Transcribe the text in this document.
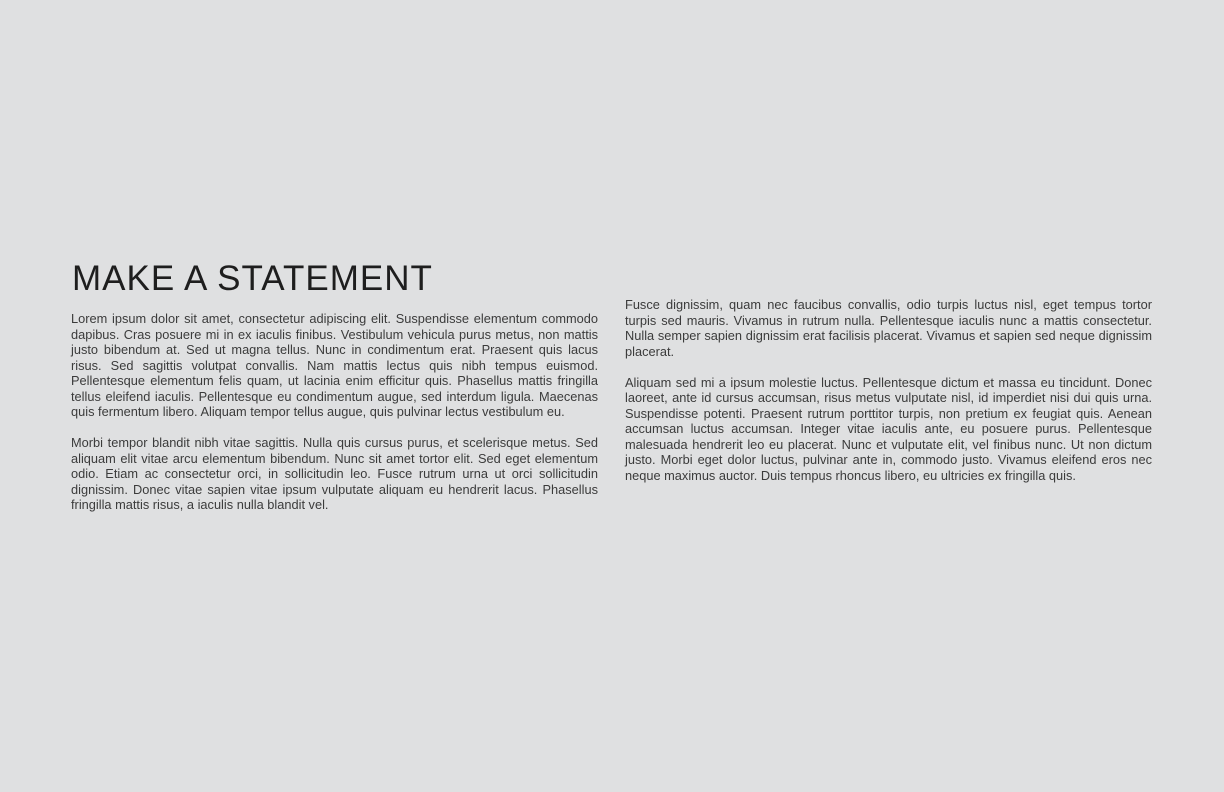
MAKE A STATEMENT

Lorem ipsum dolor sit amet, consectetur adipiscing elit. Suspendisse elementum commodo dapibus. Cras posuere mi in ex iaculis finibus. Vestibulum vehicula purus metus, non mattis justo bibendum at. Sed ut magna tellus. Nunc in condimentum erat. Praesent quis lacus risus. Sed sagittis volutpat convallis. Nam mattis lectus quis nibh tempus euismod. Pellentesque elementum felis quam, ut lacinia enim efficitur quis. Phasellus mattis fringilla tellus eleifend iaculis. Pellentesque eu condimentum augue, sed interdum ligula. Maecenas quis fermentum libero. Aliquam tempor tellus augue, quis pulvinar lectus vestibulum eu.

Morbi tempor blandit nibh vitae sagittis. Nulla quis cursus purus, et scelerisque metus. Sed aliquam elit vitae arcu elementum bibendum. Nunc sit amet tortor elit. Sed eget elementum odio. Etiam ac consectetur orci, in sollicitudin leo. Fusce rutrum urna ut orci sollicitudin dignissim. Donec vitae sapien vitae ipsum vulputate aliquam eu hendrerit lacus. Phasellus fringilla mattis risus, a iaculis nulla blandit vel.

Fusce dignissim, quam nec faucibus convallis, odio turpis luctus nisl, eget tempus tortor turpis sed mauris. Vivamus in rutrum nulla. Pellentesque iaculis nunc a mattis consectetur. Nulla semper sapien dignissim erat facilisis placerat. Vivamus et sapien sed neque dignissim placerat.

Aliquam sed mi a ipsum molestie luctus. Pellentesque dictum et massa eu tincidunt. Donec laoreet, ante id cursus accumsan, risus metus vulputate nisl, id imperdiet nisi dui quis urna. Suspendisse potenti. Praesent rutrum porttitor turpis, non pretium ex feugiat quis. Aenean accumsan luctus accumsan. Integer vitae iaculis ante, eu posuere purus. Pellentesque malesuada hendrerit leo eu placerat. Nunc et vulputate elit, vel finibus nunc. Ut non dictum justo. Morbi eget dolor luctus, pulvinar ante in, commodo justo. Vivamus eleifend eros nec neque maximus auctor. Duis tempus rhoncus libero, eu ultricies ex fringilla quis.
